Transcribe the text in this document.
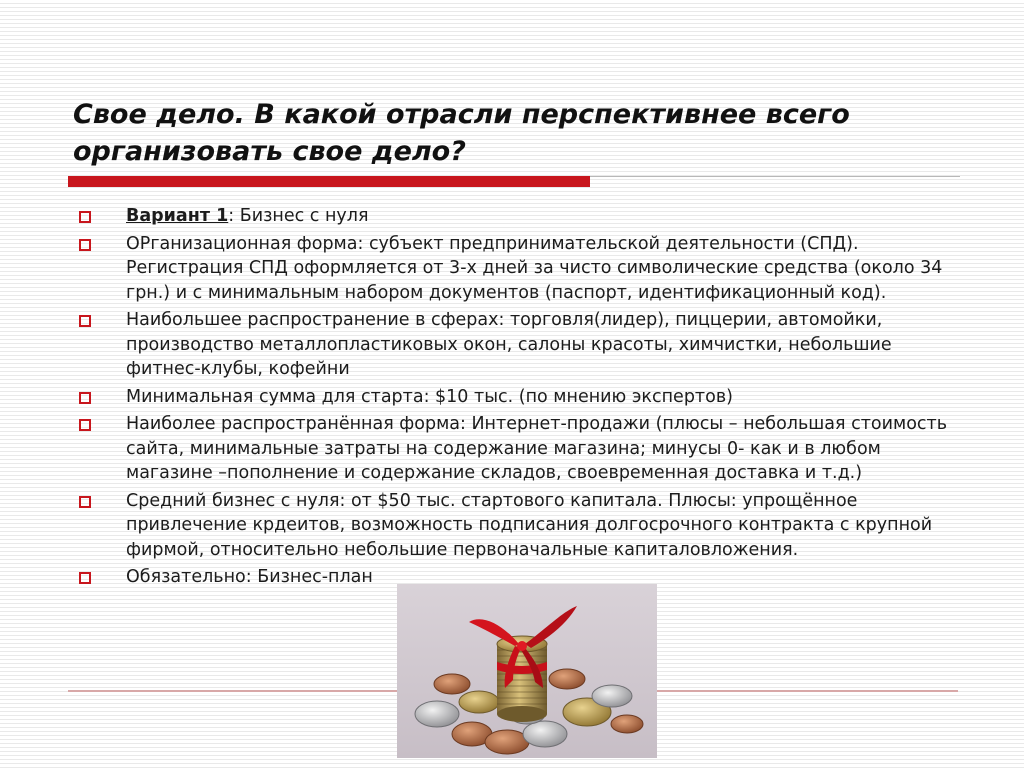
Свое дело. В какой отрасли перспективнее всего организовать свое дело?
Вариант 1: Бизнес с нуля
ОРганизационная форма: субъект предпринимательской деятельности (СПД). Регистрация СПД оформляется от 3-х дней за чисто символические средства (около 34 грн.) и с минимальным набором документов (паспорт, идентификационный код).
Наибольшее распространение в сферах: торговля(лидер), пиццерии, автомойки, производство металлопластиковых окон, салоны красоты, химчистки, небольшие фитнес-клубы, кофейни
Минимальная сумма для старта: $10 тыс. (по мнению экспертов)
Наиболее распространённая форма: Интернет-продажи (плюсы – небольшая стоимость сайта, минимальные затраты на содержание магазина; минусы 0- как и в любом магазине –пополнение и содержание складов, своевременная доставка и т.д.)
Средний бизнес с нуля: от $50 тыс. стартового капитала. Плюсы: упрощённое привлечение крдеитов, возможность подписания долгосрочного контракта с крупной фирмой, относительно небольшие первоначальные капиталовложения.
Обязательно: Бизнес-план
